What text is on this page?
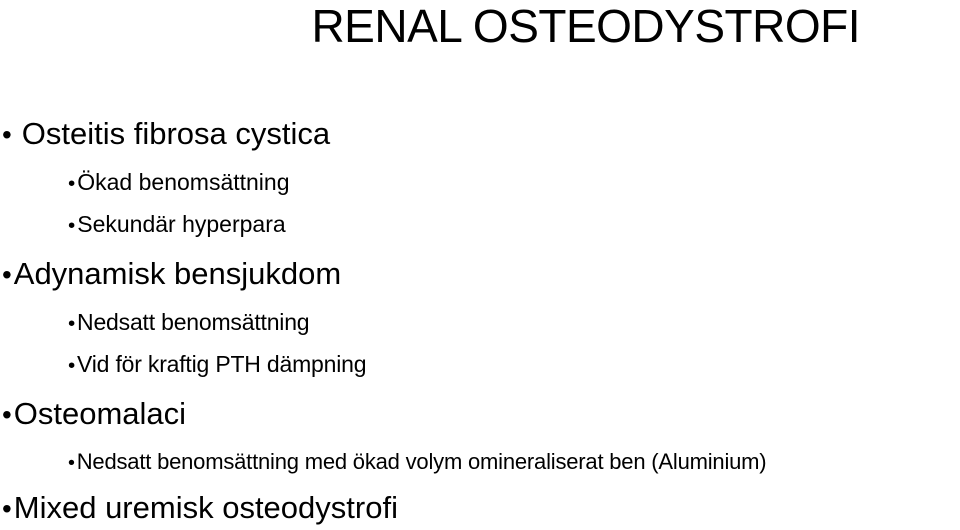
RENAL OSTEODYSTROFI
• Osteitis fibrosa cystica
• Ökad benomsättning
• Sekundär hyperpara
• Adynamisk bensjukdom
• Nedsatt benomsättning
• Vid för kraftig PTH dämpning
• Osteomalaci
• Nedsatt benomsättning med ökad volym omineraliserat ben (Aluminium)
• Mixed uremisk osteodystrofi
